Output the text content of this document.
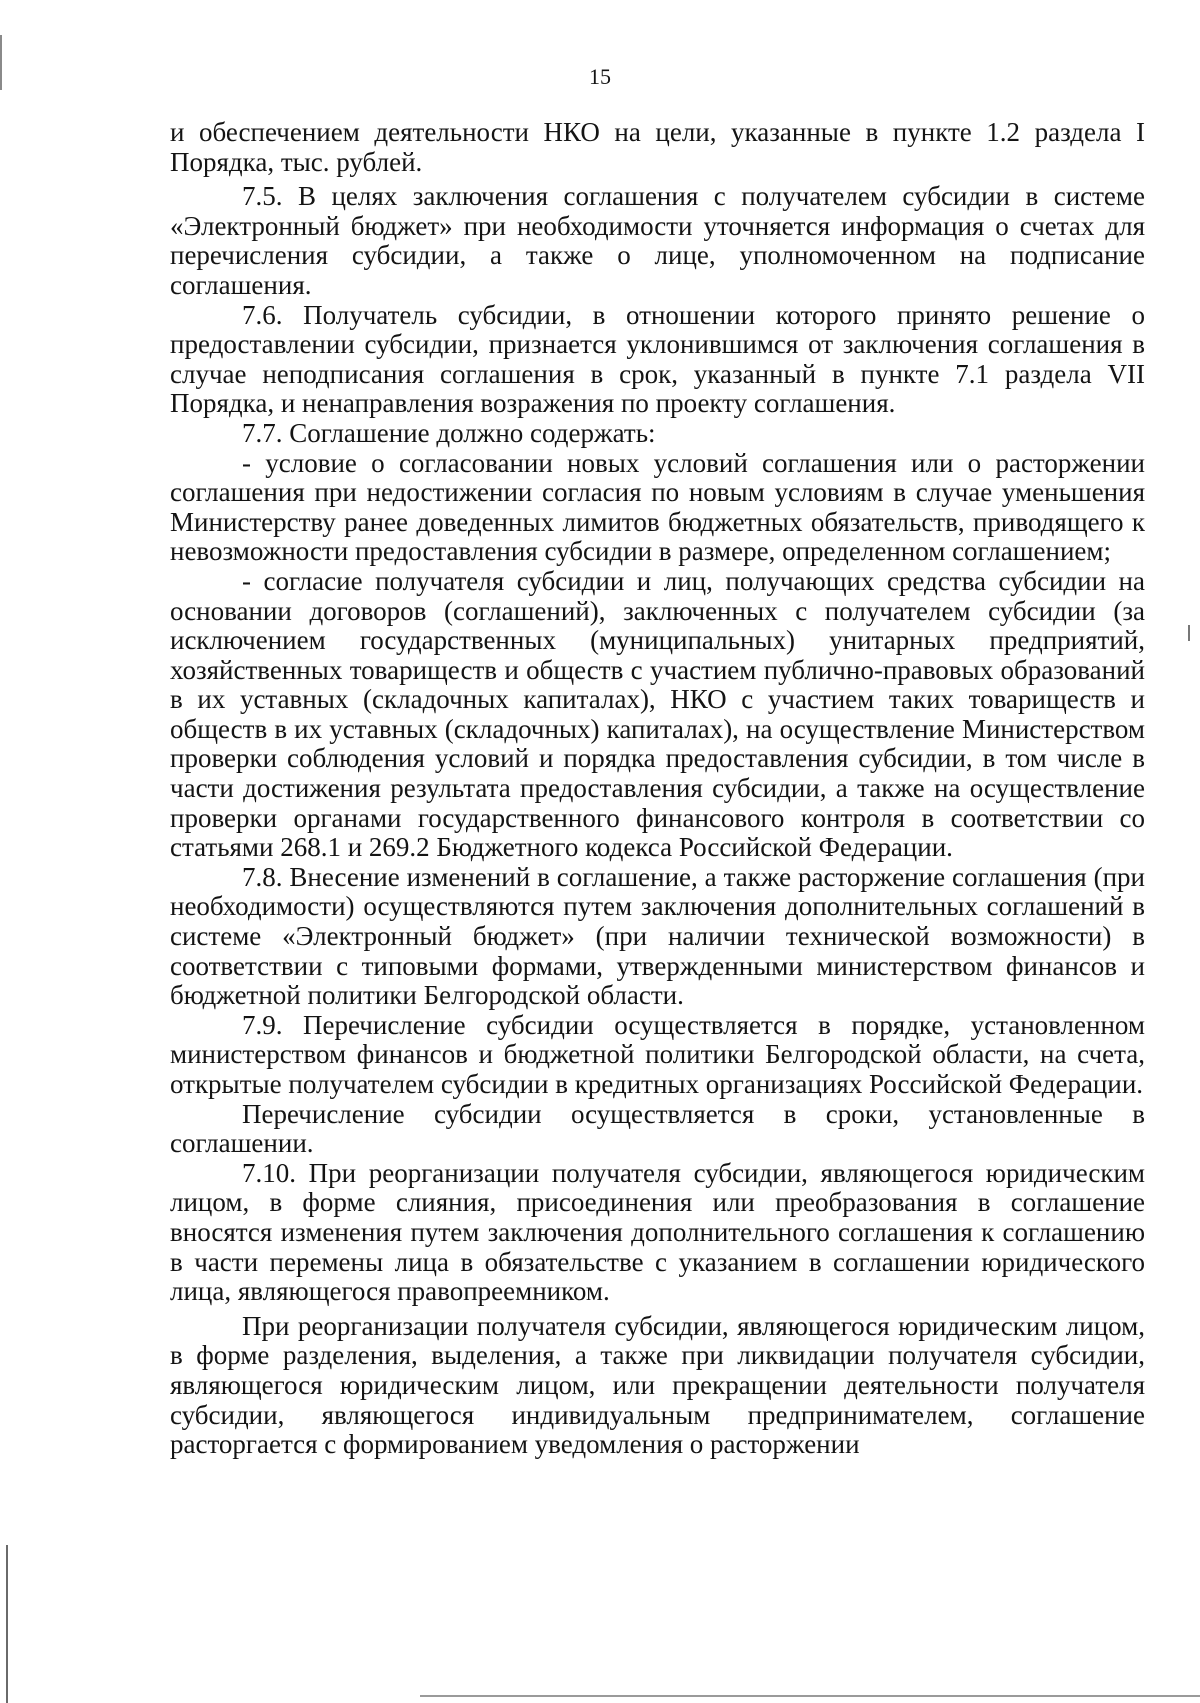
15

и обеспечением деятельности НКО на цели, указанные в пункте 1.2 раздела I Порядка, тыс. рублей.

7.5. В целях заключения соглашения с получателем субсидии в системе «Электронный бюджет» при необходимости уточняется информация о счетах для перечисления субсидии, а также о лице, уполномоченном на подписание соглашения.

7.6. Получатель субсидии, в отношении которого принято решение о предоставлении субсидии, признается уклонившимся от заключения соглашения в случае неподписания соглашения в срок, указанный в пункте 7.1 раздела VII Порядка, и ненаправления возражения по проекту соглашения.

7.7. Соглашение должно содержать:

- условие о согласовании новых условий соглашения или о расторжении соглашения при недостижении согласия по новым условиям в случае уменьшения Министерству ранее доведенных лимитов бюджетных обязательств, приводящего к невозможности предоставления субсидии в размере, определенном соглашением;

- согласие получателя субсидии и лиц, получающих средства субсидии на основании договоров (соглашений), заключенных с получателем субсидии (за исключением государственных (муниципальных) унитарных предприятий, хозяйственных товариществ и обществ с участием публично-правовых образований в их уставных (складочных капиталах), НКО с участием таких товариществ и обществ в их уставных (складочных) капиталах), на осуществление Министерством проверки соблюдения условий и порядка предоставления субсидии, в том числе в части достижения результата предоставления субсидии, а также на осуществление проверки органами государственного финансового контроля в соответствии со статьями 268.1 и 269.2 Бюджетного кодекса Российской Федерации.

7.8. Внесение изменений в соглашение, а также расторжение соглашения (при необходимости) осуществляются путем заключения дополнительных соглашений в системе «Электронный бюджет» (при наличии технической возможности) в соответствии с типовыми формами, утвержденными министерством финансов и бюджетной политики Белгородской области.

7.9. Перечисление субсидии осуществляется в порядке, установленном министерством финансов и бюджетной политики Белгородской области, на счета, открытые получателем субсидии в кредитных организациях Российской Федерации.

Перечисление субсидии осуществляется в сроки, установленные в соглашении.

7.10. При реорганизации получателя субсидии, являющегося юридическим лицом, в форме слияния, присоединения или преобразования в соглашение вносятся изменения путем заключения дополнительного соглашения к соглашению в части перемены лица в обязательстве с указанием в соглашении юридического лица, являющегося правопреемником.

При реорганизации получателя субсидии, являющегося юридическим лицом, в форме разделения, выделения, а также при ликвидации получателя субсидии, являющегося юридическим лицом, или прекращении деятельности получателя субсидии, являющегося индивидуальным предпринимателем, соглашение расторгается с формированием уведомления о расторжении
